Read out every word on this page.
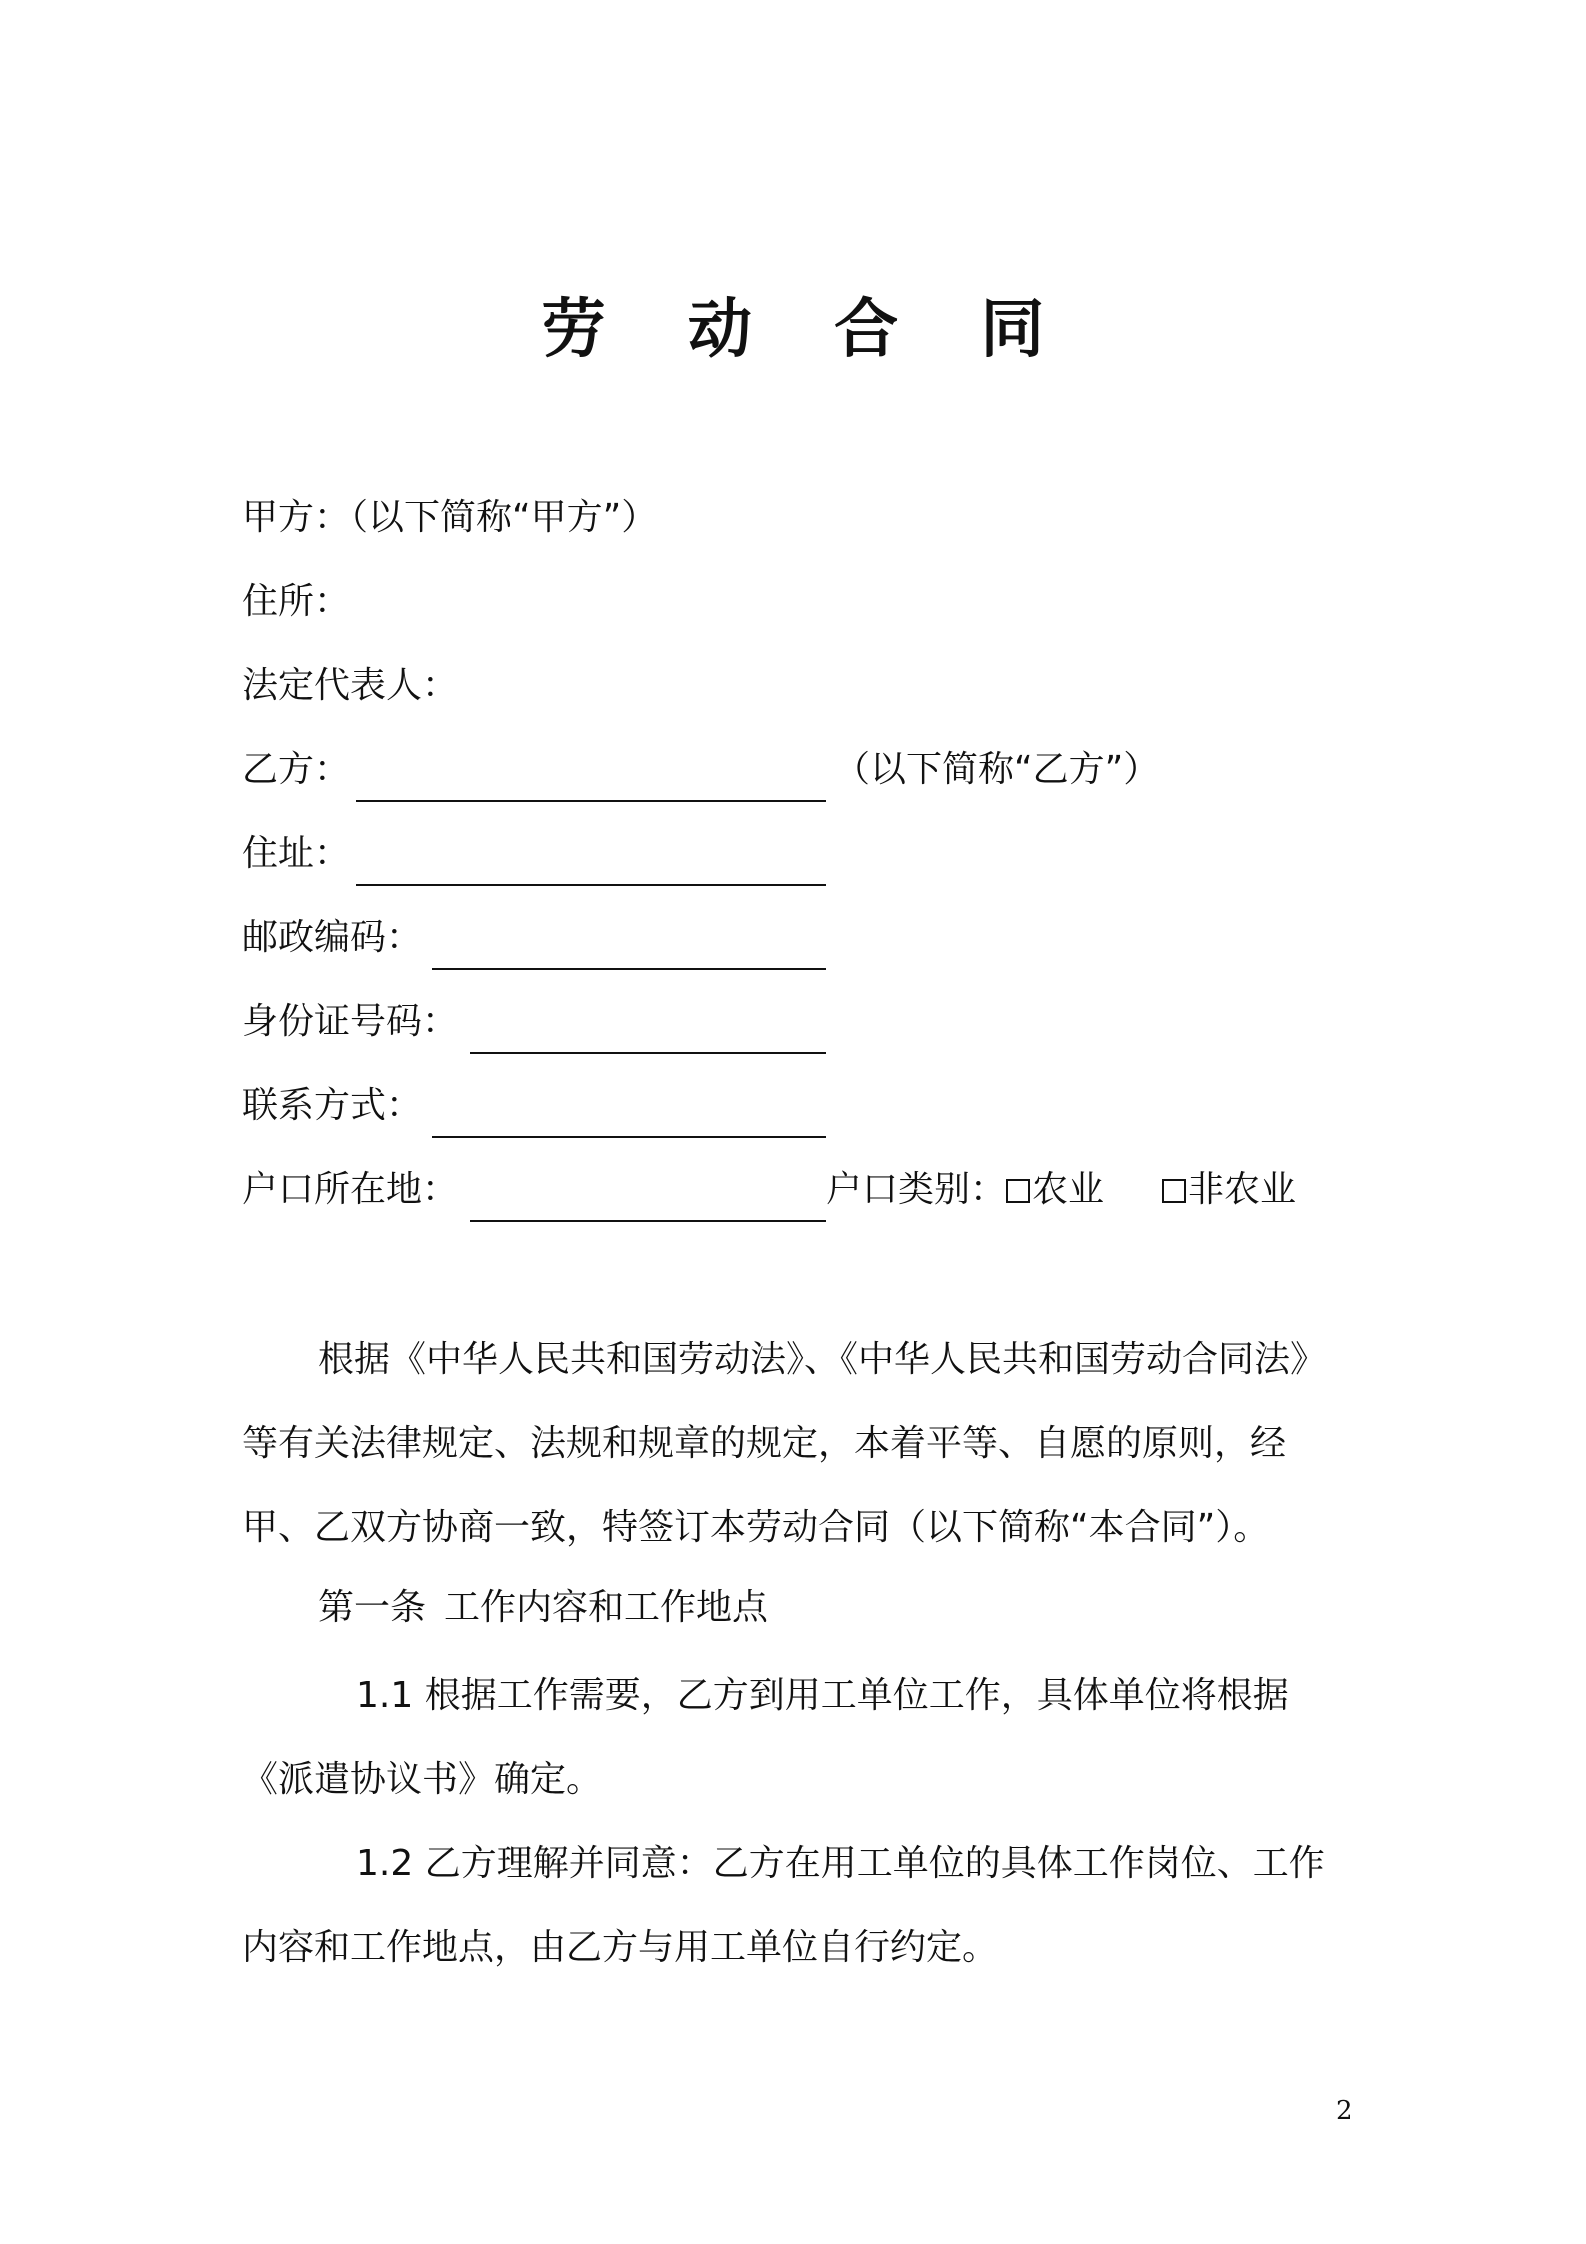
劳 动 合 同
甲方：（以下简称“甲方”）
住所：
法定代表人：
乙方：	（以下简称“乙方”）
住址：
邮政编码：
身份证号码：
联系方式：
户口所在地：	户口类别： 农业 非农业
根据《中华人民共和国劳动法》、《中华人民共和国劳动合同法》等有关法律规定、法规和规章的规定，本着平等、自愿的原则，经甲、乙双方协商一致，特签订本劳动合同（以下简称“本合同”）。
第一条 工作内容和工作地点
1.1 根据工作需要，乙方到用工单位工作，具体单位将根据《派遣协议书》确定。
1.2 乙方理解并同意：乙方在用工单位的具体工作岗位、工作内容和工作地点，由乙方与用工单位自行约定。
2
